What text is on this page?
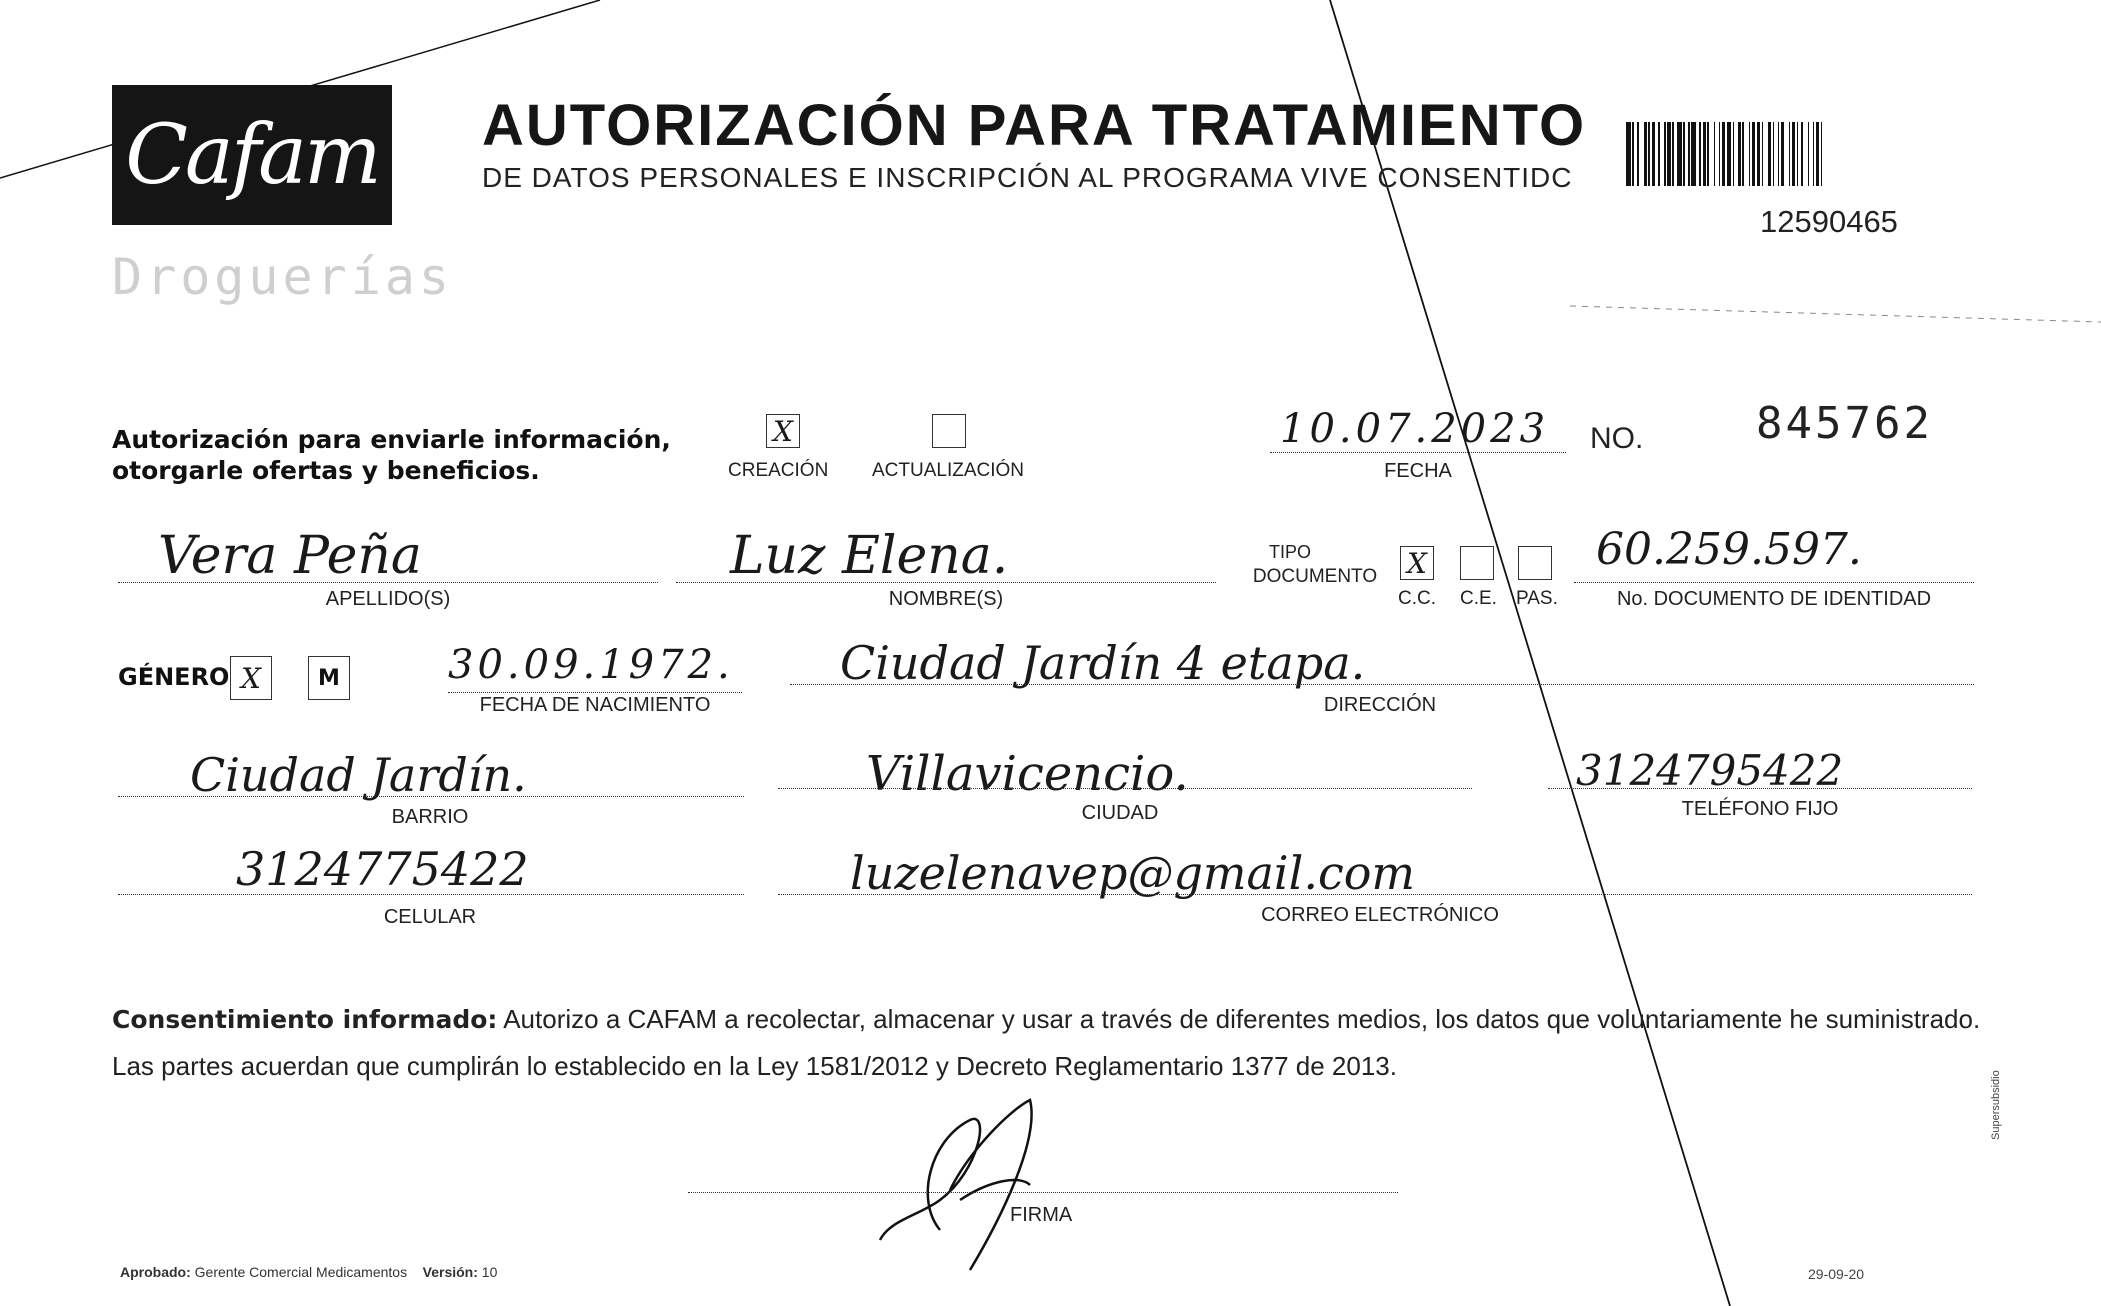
Cafam
Droguerías
AUTORIZACIÓN PARA TRATAMIENTO
DE DATOS PERSONALES E INSCRIPCIÓN AL PROGRAMA VIVE CONSENTIDC
12590465
Autorización para enviarle información,
otorgarle ofertas y beneficios.
X
CREACIÓN ACTUALIZACIÓN
10.07.2023
FECHA
NO.	845762
Vera Peña
APELLIDO(S)
Luz Elena.
NOMBRE(S)
TIPO
DOCUMENTO X
C.C. C.E. PAS.
60.259.597.
No. DOCUMENTO DE IDENTIDAD
GÉNERO X	M	30.09.1972.
FECHA DE NACIMIENTO
Ciudad Jardín 4 etapa.
DIRECCIÓN
Ciudad Jardín.
BARRIO
Villavicencio.
CIUDAD
3124795422
TELÉFONO FIJO
3124775422
CELULAR
luzelenavep@gmail.com
CORREO ELECTRÓNICO
Consentimiento informado: Autorizo a CAFAM a recolectar, almacenar y usar a través de diferentes medios, los datos que voluntariamente he suministrado.
Las partes acuerdan que cumplirán lo establecido en la Ley 1581/2012 y Decreto Reglamentario 1377 de 2013.
FIRMA
Aprobado: Gerente Comercial Medicamentos Versión: 10	29-09-20
Supersubsidio
